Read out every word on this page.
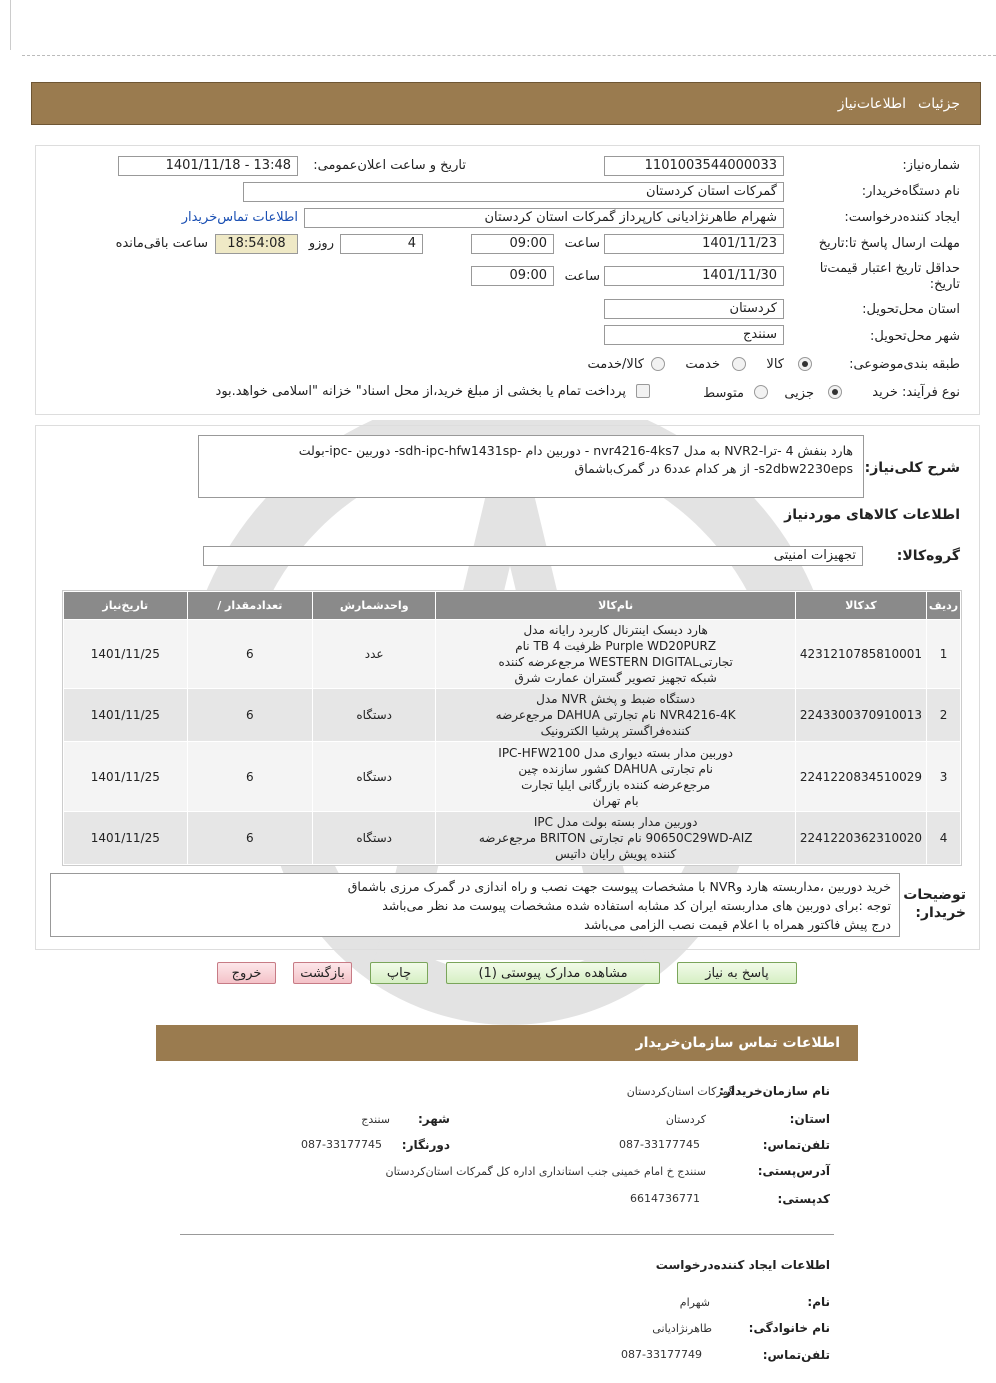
جزئیات
اطلاعات‌نیاز
شماره‌نیاز:
1101003544000033
تاریخ و ساعت اعلان‌عمومی:
1401/11/18 - 13:48
نام دستگاه‌خریدار:
گمرکات استان کردستان
ایجاد کننده‌درخواست:
شهرام طاهرنژادیانی کارپرداز گمرکات استان کردستان
اطلاعات تماس‌خریدار
مهلت ارسال پاسخ تا:تاریخ
1401/11/23
ساعت
09:00
4
روزو
18:54:08
ساعت باقی‌مانده
حداقل تاریخ اعتبار قیمت‌تا تاریخ:
1401/11/30
ساعت
09:00
استان محل‌تحویل:
کردستان
شهر محل‌تحویل:
سنندج
طبقه بندی‌موضوعی:
کالا
خدمت
کالا/خدمت
نوع فرآیند: خرید
جزیی
متوسط
پرداخت تمام یا بخشی از مبلغ خرید،از محل اسناد" خزانه "اسلامی خواهد.بود
شرح کلی‌نیاز:
هارد بنفش 4 -ترا-NVR2 به مدل nvr4216-4ks7 - دوربین دام -sdh-ipc-hfw1431sp- دوربین -ipc-بولت
s2dbw2230eps- از هر کدام عدد6 در گمرک‌باشماق
اطلاعات کالاهای موردنیاز
گروه‌کالا:
تجهیزات امنیتی
ردیف	کدکالا	نام‌کالا	واحدشمارش	تعدادمقدار /	تاریخ‌نیاز
1	4231210785810001	هارد دیسک اینترنال کاربرد رایانه مدل
Purple WD20PURZ ظرفیت 4 TB نام
تجارتیWESTERN DIGITAL مرجع‌عرضه کننده
شبکه تجهیز تصویر گستران عمارت شرق	عدد	6	1401/11/25
2	2243300370910013	دستگاه ضبط و پخش NVR مدل
NVR4216-4K نام تجارتی DAHUA مرجع‌عرضه
کننده‌فراگستر پرشیا الکترونیک	دستگاه	6	1401/11/25
3	2241220834510029	دوربین مدار بسته دیواری مدل IPC-HFW2100
نام تجارتی DAHUA کشور سازنده چین
مرجع‌عرضه کننده بازرگانی ایلیا تجارت
بام تهران	دستگاه	6	1401/11/25
4	2241220362310020	دوربین مدار بسته بولت مدل IPC
90650C29WD-AIZ نام تجارتی BRITON مرجع‌عرضه
کننده پویش رایان داتیس	دستگاه	6	1401/11/25
توضیحات خریدار:
خرید دوربین ،مداربسته هارد وNVR با مشخصات پیوست جهت نصب و راه اندازی در گمرک مرزی باشماق
توجه :برای دوربین های مداربسته ایران کد مشابه استفاده شده مشخصات پیوست مد نظر می‌باشد
درج پیش فاکتور همراه با اعلام قیمت نصب الزامی می‌باشد
پاسخ به نیاز
مشاهده مدارک پیوستی (1)
چاپ
بازگشت
خروج
اطلاعات تماس سازمان‌خریدار
نام سازمان‌خریدار:
گمرکات استان‌کردستان
استان:
کردستان
شهر:
سنندج
تلفن‌تماس:
087-33177745
دورنگار:
087-33177745
آدرس‌پستی:
سنندج خ امام خمینی جنب استانداری اداره کل گمرکات استان‌کردستان
کدپستی:
6614736771
اطلاعات ایجاد کننده‌درخواست
نام:
شهرام
نام خانوادگی:
طاهرنژادیانی
تلفن‌تماس:
087-33177749
